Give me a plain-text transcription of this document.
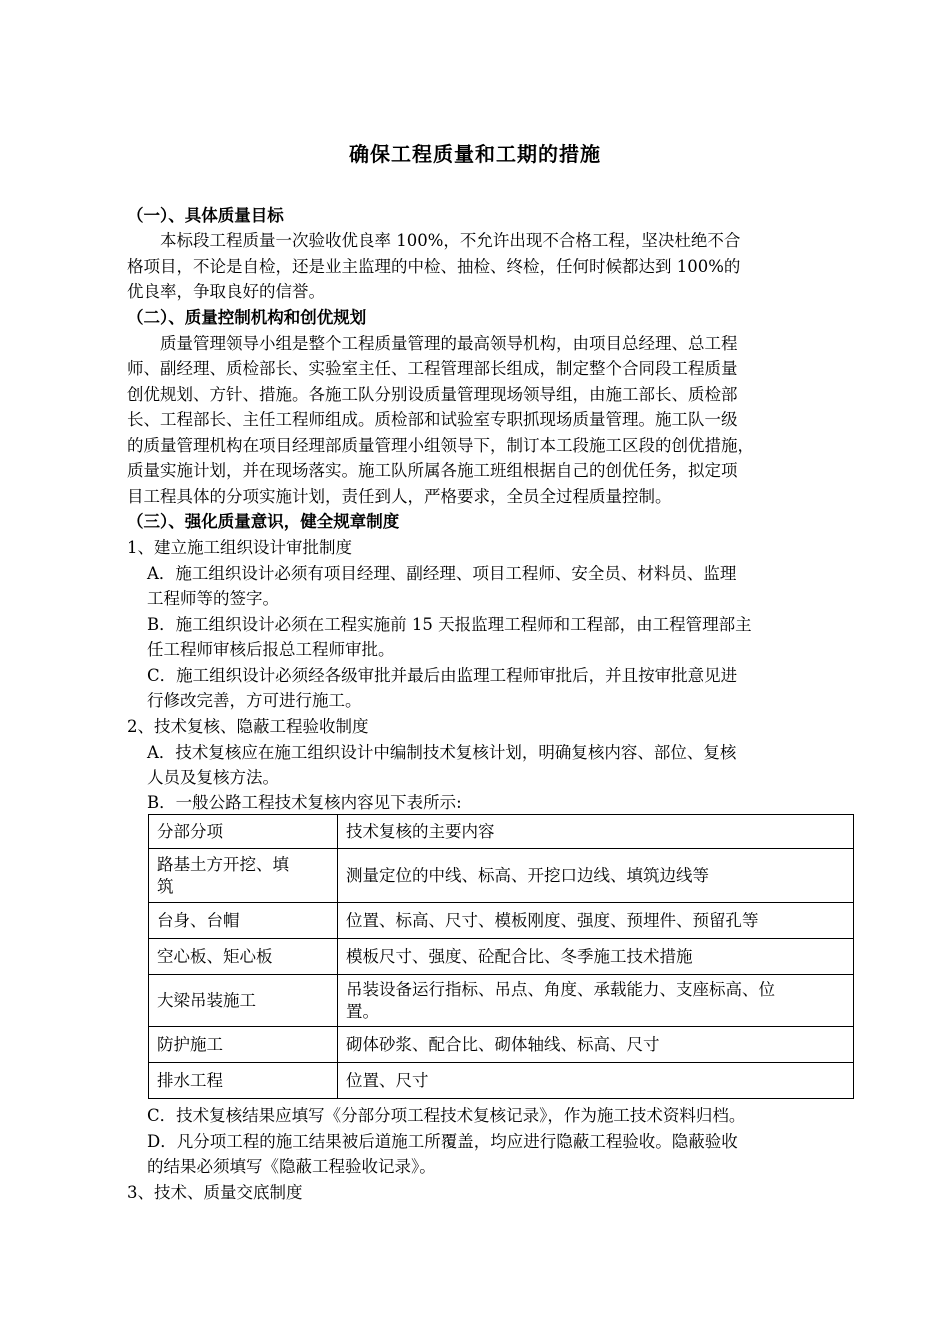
确保工程质量和工期的措施
（一）、具体质量目标
　　本标段工程质量一次验收优良率 100%，不允许出现不合格工程，坚决杜绝不合
格项目，不论是自检，还是业主监理的中检、抽检、终检，任何时候都达到 100%的
优良率，争取良好的信誉。
（二）、质量控制机构和创优规划
　　质量管理领导小组是整个工程质量管理的最高领导机构，由项目总经理、总工程
师、副经理、质检部长、实验室主任、工程管理部长组成，制定整个合同段工程质量
创优规划、方针、措施。各施工队分别设质量管理现场领导组，由施工部长、质检部
长、工程部长、主任工程师组成。质检部和试验室专职抓现场质量管理。施工队一级
的质量管理机构在项目经理部质量管理小组领导下，制订本工段施工区段的创优措施，
质量实施计划，并在现场落实。施工队所属各施工班组根据自己的创优任务，拟定项
目工程具体的分项实施计划，责任到人，严格要求，全员全过程质量控制。
（三）、强化质量意识，健全规章制度
1、建立施工组织设计审批制度
A．施工组织设计必须有项目经理、副经理、项目工程师、安全员、材料员、监理
工程师等的签字。
B．施工组织设计必须在工程实施前 15 天报监理工程师和工程部，由工程管理部主
任工程师审核后报总工程师审批。
C．施工组织设计必须经各级审批并最后由监理工程师审批后，并且按审批意见进
行修改完善，方可进行施工。
2、技术复核、隐蔽工程验收制度
A．技术复核应在施工组织设计中编制技术复核计划，明确复核内容、部位、复核
人员及复核方法。
B．一般公路工程技术复核内容见下表所示:
分部分项	技术复核的主要内容
路基土方开挖、填
筑	测量定位的中线、标高、开挖口边线、填筑边线等
台身、台帽	位置、标高、尺寸、模板刚度、强度、预埋件、预留孔等
空心板、矩心板	模板尺寸、强度、砼配合比、冬季施工技术措施
大梁吊装施工	吊装设备运行指标、吊点、角度、承载能力、支座标高、位
置。
防护施工	砌体砂浆、配合比、砌体轴线、标高、尺寸
排水工程	位置、尺寸
C．技术复核结果应填写《分部分项工程技术复核记录》，作为施工技术资料归档。
D．凡分项工程的施工结果被后道施工所覆盖，均应进行隐蔽工程验收。隐蔽验收
的结果必须填写《隐蔽工程验收记录》。
3、技术、质量交底制度
